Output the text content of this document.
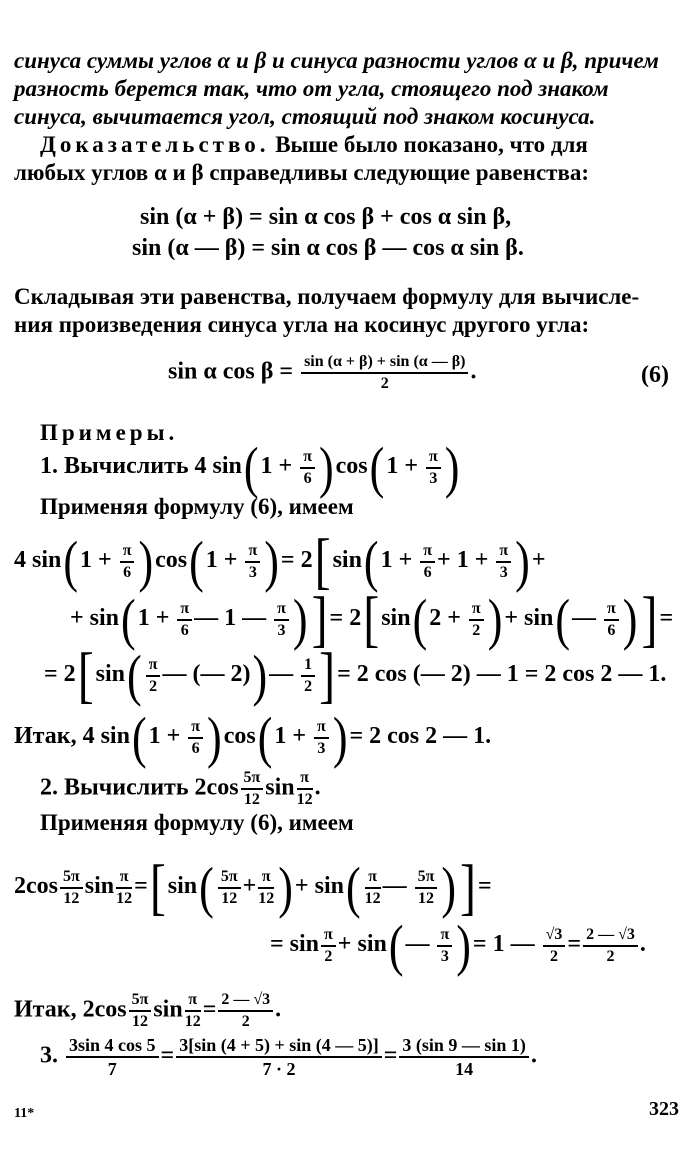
синуса суммы углов α и β и синуса разности углов α и β, причем
разность берется так, что от угла, стоящего под знаком
синуса, вычитается угол, стоящий под знаком косинуса.
Доказательство. Выше было показано, что для
любых углов α и β справедливы следующие равенства:
sin (α + β) = sin α cos β + cos α sin β,
sin (α — β) = sin α cos β — cos α sin β.
Складывая эти равенства, получаем формулу для вычисле-
ния произведения синуса угла на косинус другого угла:
sin α $\cos \beta = \frac{\sin (\alpha + \beta) + \sin (\alpha — \beta)}{2}$ .	(6)
Примеры.
1. Вычислить 4 $\sin(1 + \frac{\pi}{6} )\cos(1 + \frac{\pi}{3}$ )
Применяя формулу (6), имеем
4 $\sin(1 + \frac{\pi}{6} )\cos(1 + \frac{\pi}{3}$ )= $2[\sin(1 + \frac{\pi}{6} + 1 + \frac{\pi}{3}$ )+
+ $\sin(1 + \frac{\pi}{6}$ — 1 — $\frac{\pi}{3}$ )]= $2[\sin(2 + \frac{\pi}{2}$ )+ sin(— $\frac{\pi}{6}$ )]=
= $2[\sin( \frac{\pi}{2}$ — (— 2))— $\frac{1}{2}$ ]= 2 cos (— 2) — 1 = 2 cos 2 — 1.
Итак, 4 $\sin(1 + \frac{\pi}{6} )\cos(1 + \frac{\pi}{3}$ )= 2 cos 2 — 1.
2. Вычислить $2\cos \frac{5\pi}{12}$ $\sin \frac{\pi}{12}$ .
Применяя формулу (6), имеем
$2\cos \frac{5\pi}{12}$ $\sin \frac{\pi}{12} =[\sin( \frac{5\pi}{12} + \frac{\pi}{12}$ )+ $\sin( \frac{\pi}{12}$ — $\frac{5\pi}{12}$ )]=
= $\sin \frac{\pi}{2}$ + sin(— $\frac{\pi}{3}$ )= 1 — $\frac{√3}{2} = \frac{2 — √3}{2}$ .
Итак, $2\cos \frac{5\pi}{12}$ $\sin \frac{\pi}{12} = \frac{2 — √3}{2}$ .
3. $\frac{3\sin 4 \cos 5}{7} = \frac{3[\sin (4 + 5) + \sin (4 — 5)]}{7 \cdot 2} = \frac{3 (\sin 9 — \sin 1)}{14}$ .
11*	323
